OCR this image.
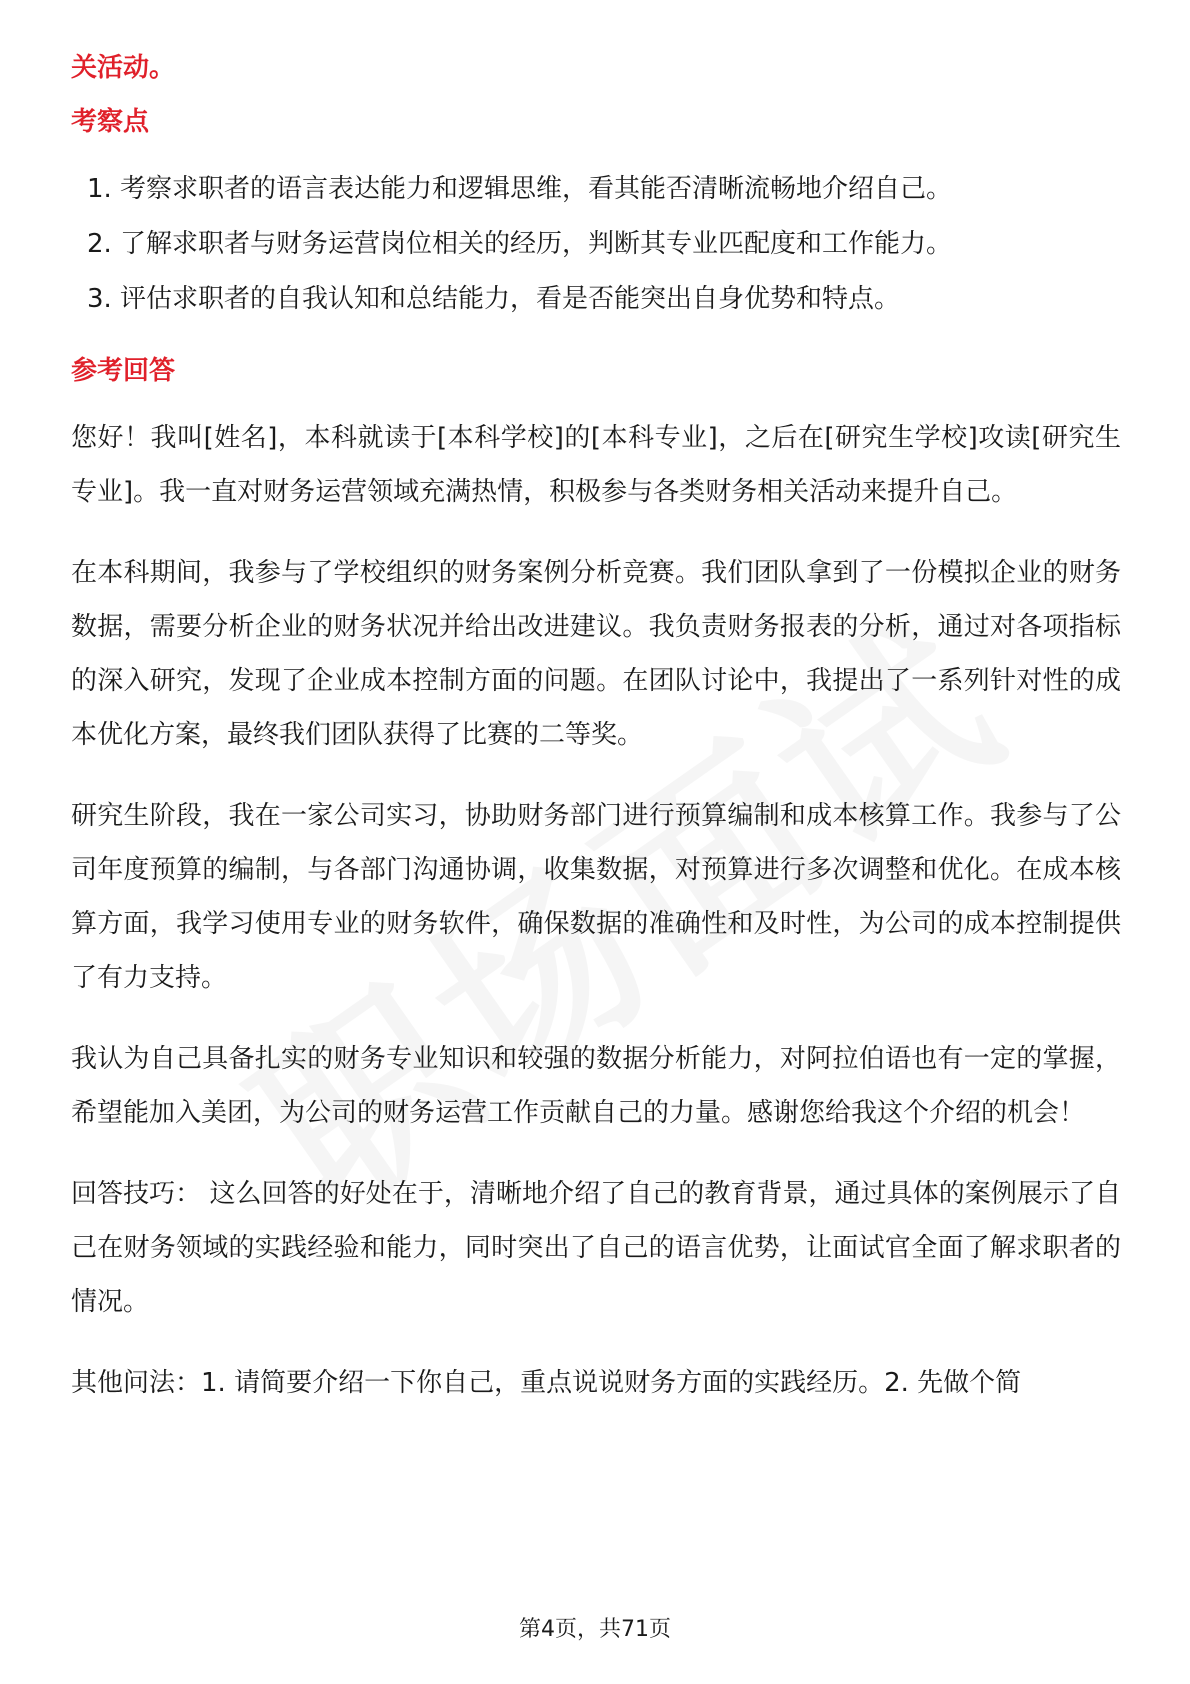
关活动。
考察点
1. 考察求职者的语言表达能力和逻辑思维，看其能否清晰流畅地介绍自己。
2. 了解求职者与财务运营岗位相关的经历，判断其专业匹配度和工作能力。
3. 评估求职者的自我认知和总结能力，看是否能突出自身优势和特点。
参考回答

您好！我叫[姓名]，本科就读于[本科学校]的[本科专业]，之后在[研究生学校]攻读[研究生专业]。我一直对财务运营领域充满热情，积极参与各类财务相关活动来提升自己。

在本科期间，我参与了学校组织的财务案例分析竞赛。我们团队拿到了一份模拟企业的财务数据，需要分析企业的财务状况并给出改进建议。我负责财务报表的分析，通过对各项指标的深入研究，发现了企业成本控制方面的问题。在团队讨论中，我提出了一系列针对性的成本优化方案，最终我们团队获得了比赛的二等奖。

研究生阶段，我在一家公司实习，协助财务部门进行预算编制和成本核算工作。我参与了公司年度预算的编制，与各部门沟通协调，收集数据，对预算进行多次调整和优化。在成本核算方面，我学习使用专业的财务软件，确保数据的准确性和及时性，为公司的成本控制提供了有力支持。

我认为自己具备扎实的财务专业知识和较强的数据分析能力，对阿拉伯语也有一定的掌握，希望能加入美团，为公司的财务运营工作贡献自己的力量。感谢您给我这个介绍的机会！

回答技巧： 这么回答的好处在于，清晰地介绍了自己的教育背景，通过具体的案例展示了自己在财务领域的实践经验和能力，同时突出了自己的语言优势，让面试官全面了解求职者的情况。

其他问法：1. 请简要介绍一下你自己，重点说说财务方面的实践经历。2. 先做个简

第4页，共71页
